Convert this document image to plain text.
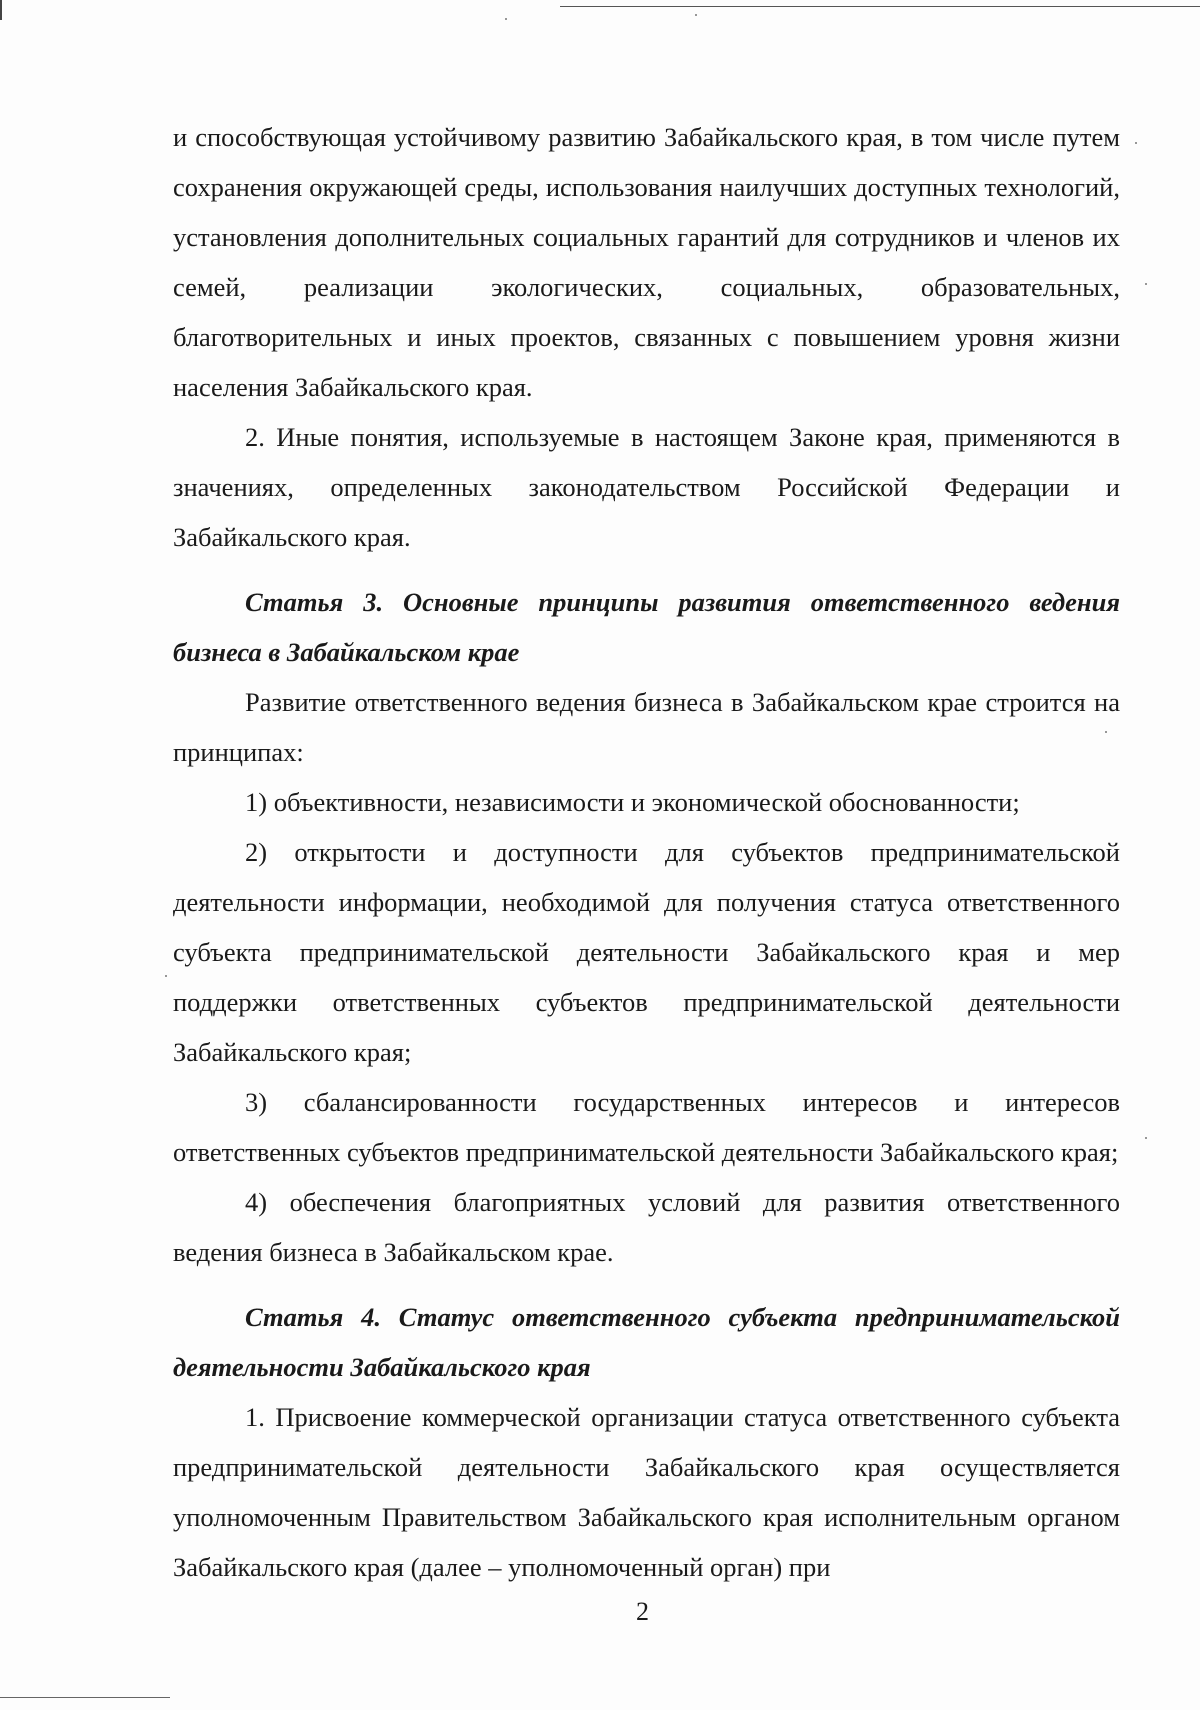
и способствующая устойчивому развитию Забайкальского края, в том числе путем сохранения окружающей среды, использования наилучших доступных технологий, установления дополнительных социальных гарантий для сотрудников и членов их семей, реализации экологических, социальных, образовательных, благотворительных и иных проектов, связанных с повышением уровня жизни населения Забайкальского края.

2. Иные понятия, используемые в настоящем Законе края, применяются в значениях, определенных законодательством Российской Федерации и Забайкальского края.

Статья 3. Основные принципы развития ответственного ведения бизнеса в Забайкальском крае

Развитие ответственного ведения бизнеса в Забайкальском крае строится на принципах:

1) объективности, независимости и экономической обоснованности;

2) открытости и доступности для субъектов предпринимательской деятельности информации, необходимой для получения статуса ответственного субъекта предпринимательской деятельности Забайкальского края и мер поддержки ответственных субъектов предпринимательской деятельности Забайкальского края;

3) сбалансированности государственных интересов и интересов ответственных субъектов предпринимательской деятельности Забайкальского края;

4) обеспечения благоприятных условий для развития ответственного ведения бизнеса в Забайкальском крае.

Статья 4. Статус ответственного субъекта предпринимательской деятельности Забайкальского края

1. Присвоение коммерческой организации статуса ответственного субъекта предпринимательской деятельности Забайкальского края осуществляется уполномоченным Правительством Забайкальского края исполнительным органом Забайкальского края (далее – уполномоченный орган) при

2
